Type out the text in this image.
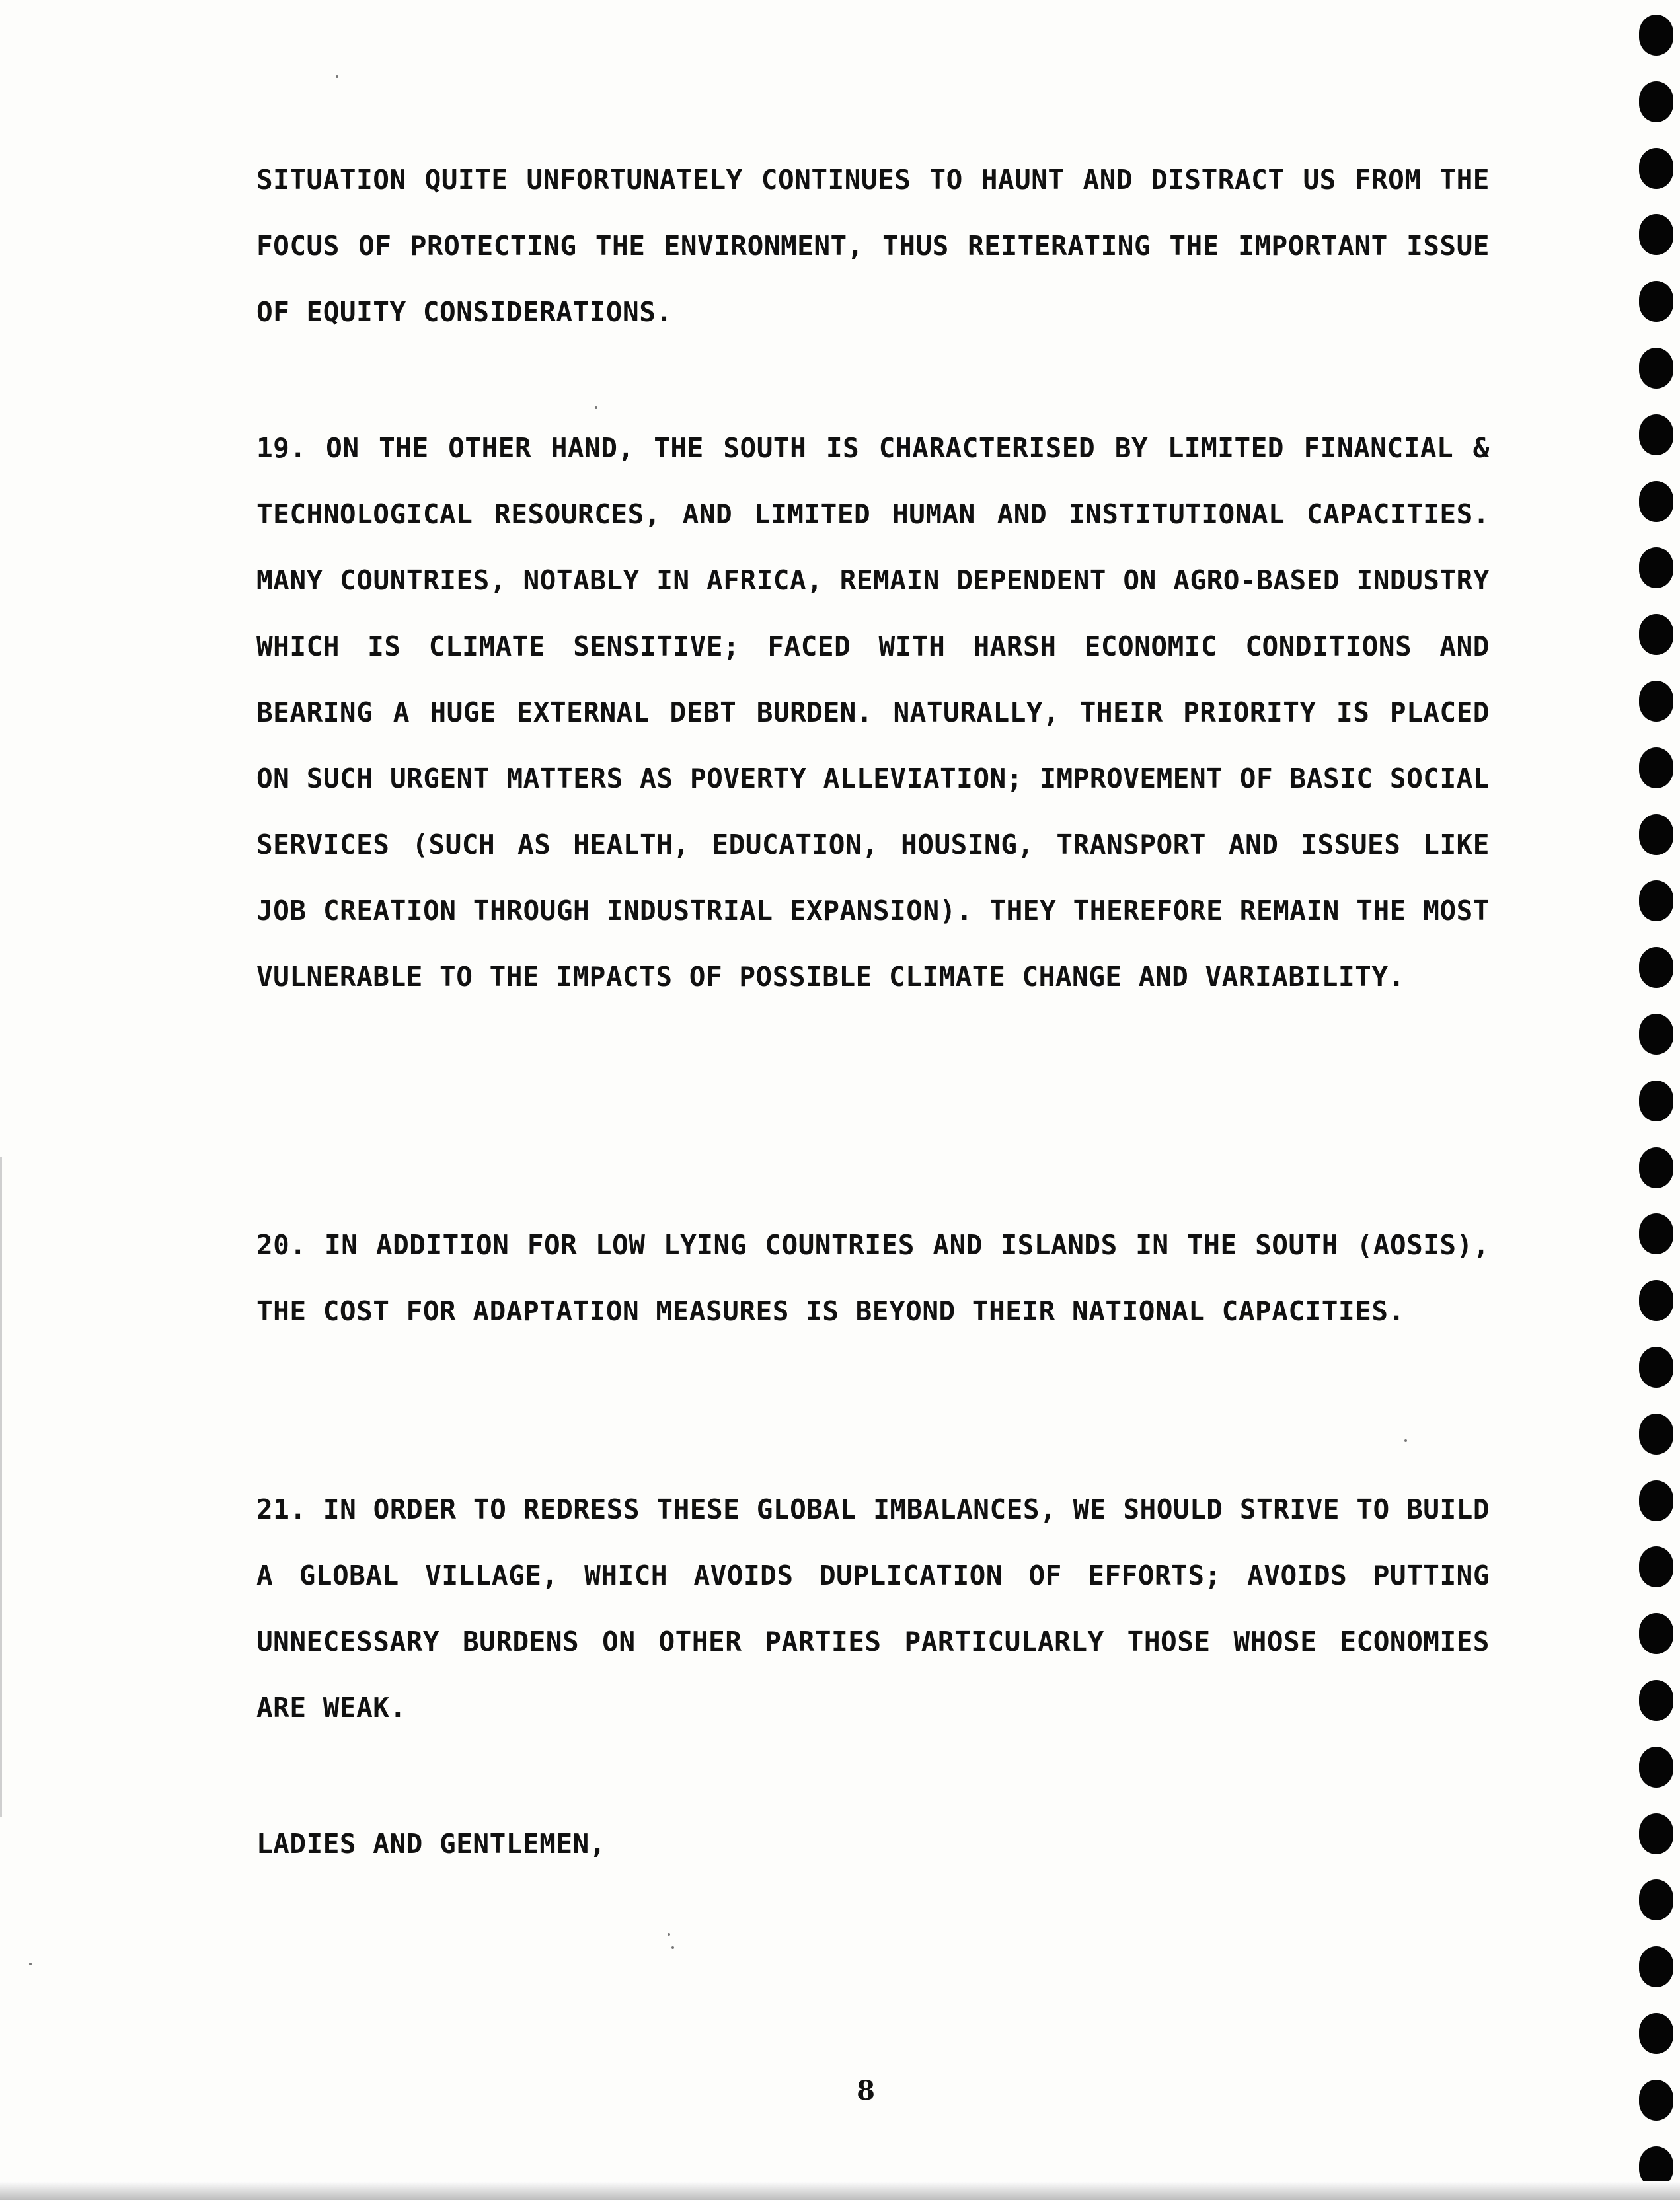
SITUATION QUITE UNFORTUNATELY CONTINUES TO HAUNT AND DISTRACT US FROM THE FOCUS OF PROTECTING THE ENVIRONMENT, THUS REITERATING THE IMPORTANT ISSUE OF EQUITY CONSIDERATIONS.

19. ON THE OTHER HAND, THE SOUTH IS CHARACTERISED BY LIMITED FINANCIAL & TECHNOLOGICAL RESOURCES, AND LIMITED HUMAN AND INSTITUTIONAL CAPACITIES. MANY COUNTRIES, NOTABLY IN AFRICA, REMAIN DEPENDENT ON AGRO-BASED INDUSTRY WHICH IS CLIMATE SENSITIVE; FACED WITH HARSH ECONOMIC CONDITIONS AND BEARING A HUGE EXTERNAL DEBT BURDEN. NATURALLY, THEIR PRIORITY IS PLACED ON SUCH URGENT MATTERS AS POVERTY ALLEVIATION; IMPROVEMENT OF BASIC SOCIAL SERVICES (SUCH AS HEALTH, EDUCATION, HOUSING, TRANSPORT AND ISSUES LIKE JOB CREATION THROUGH INDUSTRIAL EXPANSION). THEY THEREFORE REMAIN THE MOST VULNERABLE TO THE IMPACTS OF POSSIBLE CLIMATE CHANGE AND VARIABILITY.

20. IN ADDITION FOR LOW LYING COUNTRIES AND ISLANDS IN THE SOUTH (AOSIS), THE COST FOR ADAPTATION MEASURES IS BEYOND THEIR NATIONAL CAPACITIES.

21. IN ORDER TO REDRESS THESE GLOBAL IMBALANCES, WE SHOULD STRIVE TO BUILD A GLOBAL VILLAGE, WHICH AVOIDS DUPLICATION OF EFFORTS; AVOIDS PUTTING UNNECESSARY BURDENS ON OTHER PARTIES PARTICULARLY THOSE WHOSE ECONOMIES ARE WEAK.

LADIES AND GENTLEMEN,

8
